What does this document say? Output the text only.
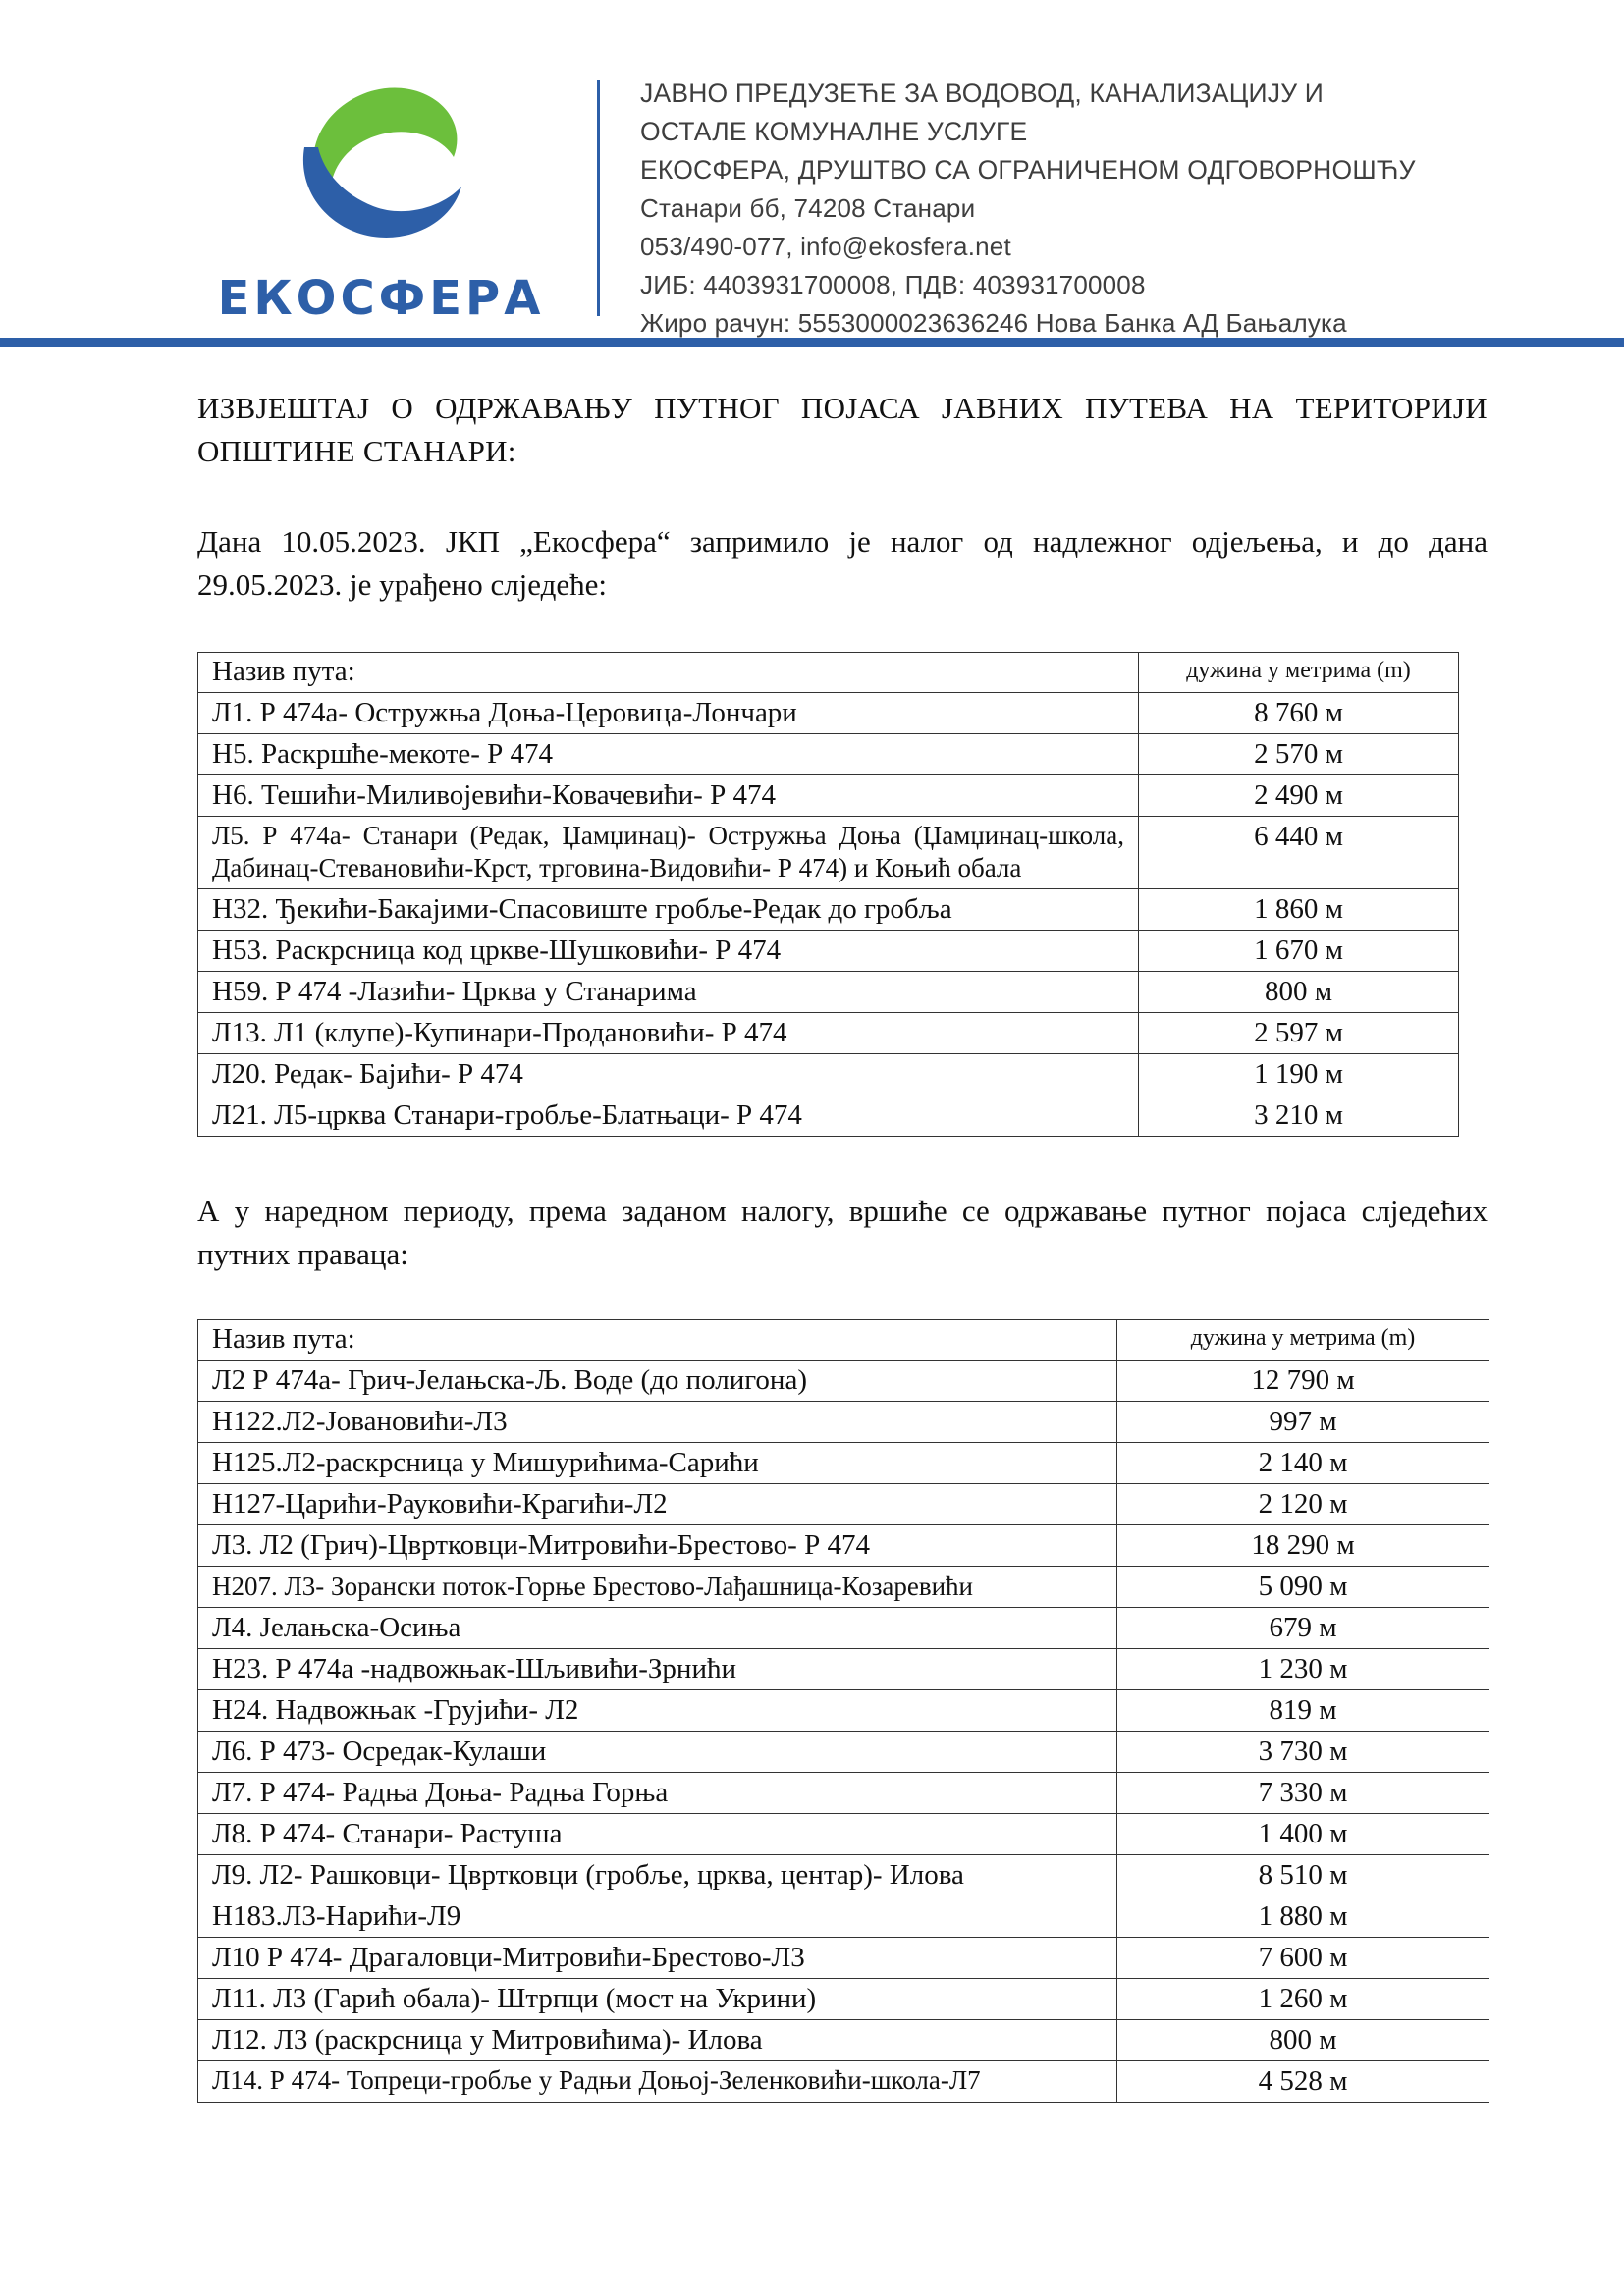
ЕКОСФЕРА
ЈАВНО ПРЕДУЗЕЋЕ ЗА ВОДОВОД, КАНАЛИЗАЦИЈУ И
ОСТАЛЕ КОМУНАЛНЕ УСЛУГЕ
ЕКОСФЕРА, ДРУШТВО СА ОГРАНИЧЕНОМ ОДГОВОРНОШЋУ
Станари бб, 74208 Станари
053/490-077, info@ekosfera.net
ЈИБ: 4403931700008, ПДВ: 403931700008
Жиро рачун: 5553000023636246 Нова Банка АД Бањалука
ИЗВЈЕШТАЈ О ОДРЖАВАЊУ ПУТНОГ ПОЈАСА ЈАВНИХ ПУТЕВА НА ТЕРИТОРИЈИ ОПШТИНЕ СТАНАРИ:
Дана 10.05.2023. ЈКП „Екосфера“ запримило је налог од надлежног одјељења, и до дана 29.05.2023. је урађено слједеће:
Назив пута:	дужина у метрима (m)
Л1. Р 474а- Остружња Доња-Церовица-Лончари	8 760 м
Н5. Раскршће-мекоте- Р 474	2 570 м
Н6. Тешићи-Миливојевићи-Ковачевићи- Р 474	2 490 м
Л5. Р 474а- Станари (Редак, Џамџинац)- Остружња Доња (Џамџинац-школа, Дабинац-Стевановићи-Крст, трговина-Видовићи- Р 474) и Коњић обала	6 440 м
Н32. Ђекићи-Бакајими-Спасовиште гробље-Редак до гробља	1 860 м
Н53. Раскрсница код цркве-Шушковићи- Р 474	1 670 м
Н59. Р 474 -Лазићи- Црква у Станарима	800 м
Л13. Л1 (клупе)-Купинари-Продановићи- Р 474	2 597 м
Л20. Редак- Бајићи- Р 474	1 190 м
Л21. Л5-црква Станари-гробље-Блатњаци- Р 474	3 210 м
А у наредном периоду, према заданом налогу, вршиће се одржавање путног појаса слједећих путних праваца:
Назив пута:	дужина у метрима (m)
Л2 Р 474а- Грич-Јелањска-Љ. Воде (до полигона)	12 790 м
Н122.Л2-Јовановићи-Л3	997 м
Н125.Л2-раскрсница у Мишурићима-Сарићи	2 140 м
Н127-Царићи-Рауковићи-Крагићи-Л2	2 120 м
Л3. Л2 (Грич)-Цвртковци-Митровићи-Брестово- Р 474	18 290 м
Н207. Л3- Зорански поток-Горње Брестово-Лађашница-Козаревићи	5 090 м
Л4. Јелањска-Осиња	679 м
Н23. Р 474а -надвожњак-Шљивићи-Зрнићи	1 230 м
Н24. Надвожњак -Грујићи- Л2	819 м
Л6. Р 473- Осредак-Кулаши	3 730 м
Л7. Р 474- Радња Доња- Радња Горња	7 330 м
Л8. Р 474- Станари- Растуша	1 400 м
Л9. Л2- Рашковци- Цвртковци (гробље, црква, центар)- Илова	8 510 м
Н183.Л3-Нарићи-Л9	1 880 м
Л10 Р 474- Драгаловци-Митровићи-Брестово-Л3	7 600 м
Л11. Л3 (Гарић обала)- Штрпци (мост на Укрини)	1 260 м
Л12. Л3 (раскрсница у Митровићима)- Илова	800 м
Л14. Р 474- Топреци-гробље у Радњи Доњој-Зеленковићи-школа-Л7	4 528 м
